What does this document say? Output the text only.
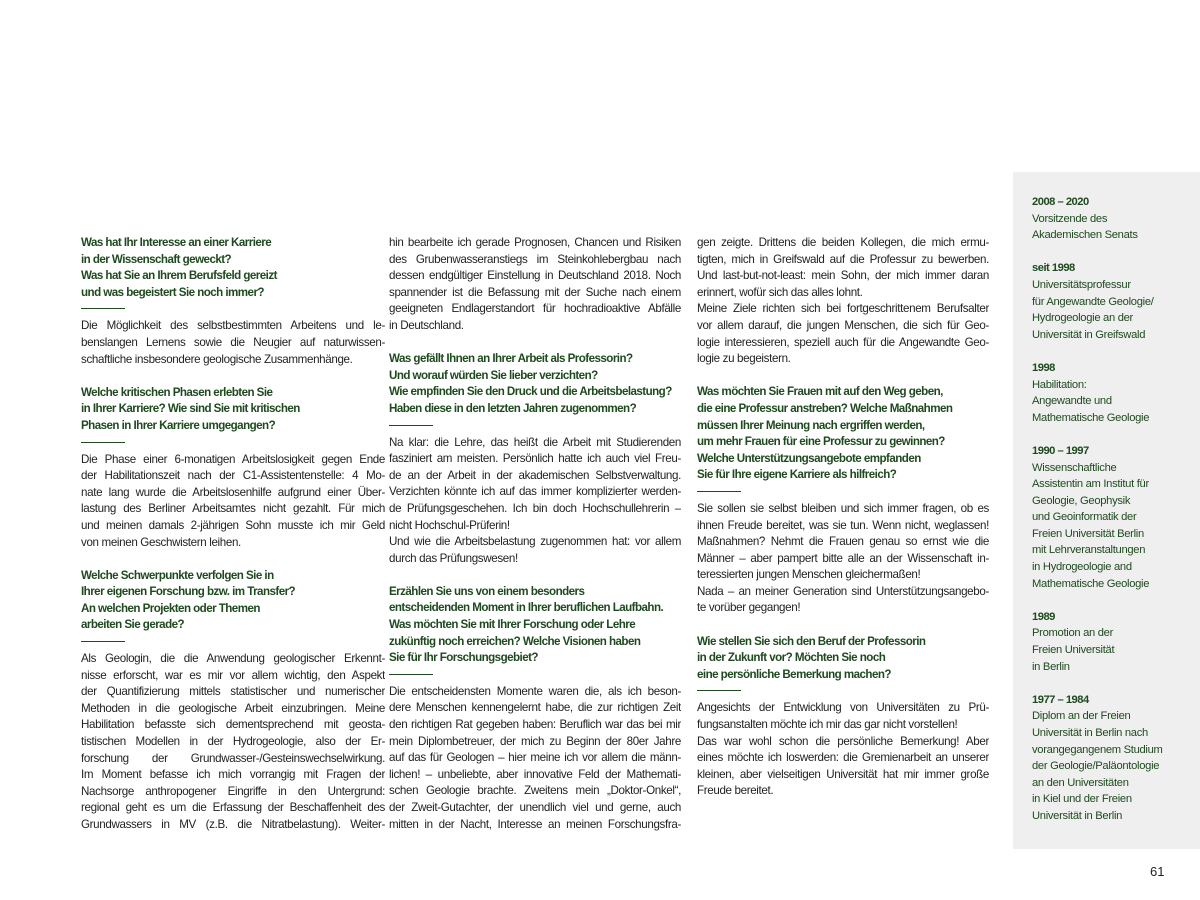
Was hat Ihr Interesse an einer Karriere
in der Wissenschaft geweckt?
Was hat Sie an Ihrem Berufsfeld gereizt
und was begeistert Sie noch immer?
Die Möglichkeit des selbstbestimmten Arbeitens und le-
benslangen Lernens sowie die Neugier auf naturwissen-
schaftliche insbesondere geologische Zusammenhänge.
Welche kritischen Phasen erlebten Sie
in Ihrer Karriere? Wie sind Sie mit kritischen
Phasen in Ihrer Karriere umgegangen?
Die Phase einer 6-monatigen Arbeitslosigkeit gegen Ende
der Habilitationszeit nach der C1-Assistentenstelle: 4 Mo-
nate lang wurde die Arbeitslosenhilfe aufgrund einer Über-
lastung des Berliner Arbeitsamtes nicht gezahlt. Für mich
und meinen damals 2-jährigen Sohn musste ich mir Geld
von meinen Geschwistern leihen.
Welche Schwerpunkte verfolgen Sie in
Ihrer eigenen Forschung bzw. im Transfer?
An welchen Projekten oder Themen
arbeiten Sie gerade?
Als Geologin, die die Anwendung geologischer Erkennt-
nisse erforscht, war es mir vor allem wichtig, den Aspekt
der Quantifizierung mittels statistischer und numerischer
Methoden in die geologische Arbeit einzubringen. Meine
Habilitation befasste sich dementsprechend mit geosta-
tistischen Modellen in der Hydrogeologie, also der Er-
forschung der Grundwasser-/Gesteinswechselwirkung.
Im Moment befasse ich mich vorrangig mit Fragen der
Nachsorge anthropogener Eingriffe in den Untergrund:
regional geht es um die Erfassung der Beschaffenheit des
Grundwassers in MV (z.B. die Nitratbelastung). Weiter-
hin bearbeite ich gerade Prognosen, Chancen und Risiken
des Grubenwasseranstiegs im Steinkohlebergbau nach
dessen endgültiger Einstellung in Deutschland 2018. Noch
spannender ist die Befassung mit der Suche nach einem
geeigneten Endlagerstandort für hochradioaktive Abfälle
in Deutschland.
Was gefällt Ihnen an Ihrer Arbeit als Professorin?
Und worauf würden Sie lieber verzichten?
Wie empfinden Sie den Druck und die Arbeitsbelastung?
Haben diese in den letzten Jahren zugenommen?
Na klar: die Lehre, das heißt die Arbeit mit Studierenden
fasziniert am meisten. Persönlich hatte ich auch viel Freu-
de an der Arbeit in der akademischen Selbstverwaltung.
Verzichten könnte ich auf das immer komplizierter werden-
de Prüfungsgeschehen. Ich bin doch Hochschullehrerin –
nicht Hochschul-Prüferin!
Und wie die Arbeitsbelastung zugenommen hat: vor allem
durch das Prüfungswesen!
Erzählen Sie uns von einem besonders
entscheidenden Moment in Ihrer beruflichen Laufbahn.
Was möchten Sie mit Ihrer Forschung oder Lehre
zukünftig noch erreichen? Welche Visionen haben
Sie für Ihr Forschungsgebiet?
Die entscheidensten Momente waren die, als ich beson-
dere Menschen kennengelernt habe, die zur richtigen Zeit
den richtigen Rat gegeben haben: Beruflich war das bei mir
mein Diplombetreuer, der mich zu Beginn der 80er Jahre
auf das für Geologen – hier meine ich vor allem die männ-
lichen! – unbeliebte, aber innovative Feld der Mathemati-
schen Geologie brachte. Zweitens mein „Doktor-Onkel“,
der Zweit-Gutachter, der unendlich viel und gerne, auch
mitten in der Nacht, Interesse an meinen Forschungsfra-
gen zeigte. Drittens die beiden Kollegen, die mich ermu-
tigten, mich in Greifswald auf die Professur zu bewerben.
Und last-but-not-least: mein Sohn, der mich immer daran
erinnert, wofür sich das alles lohnt.
Meine Ziele richten sich bei fortgeschrittenem Berufsalter
vor allem darauf, die jungen Menschen, die sich für Geo-
logie interessieren, speziell auch für die Angewandte Geo-
logie zu begeistern.
Was möchten Sie Frauen mit auf den Weg geben,
die eine Professur anstreben? Welche Maßnahmen
müssen Ihrer Meinung nach ergriffen werden,
um mehr Frauen für eine Professur zu gewinnen?
Welche Unterstützungsangebote empfanden
Sie für Ihre eigene Karriere als hilfreich?
Sie sollen sie selbst bleiben und sich immer fragen, ob es
ihnen Freude bereitet, was sie tun. Wenn nicht, weglassen!
Maßnahmen? Nehmt die Frauen genau so ernst wie die
Männer – aber pampert bitte alle an der Wissenschaft in-
teressierten jungen Menschen gleichermaßen!
Nada – an meiner Generation sind Unterstützungsangebo-
te vorüber gegangen!
Wie stellen Sie sich den Beruf der Professorin
in der Zukunft vor? Möchten Sie noch
eine persönliche Bemerkung machen?
Angesichts der Entwicklung von Universitäten zu Prü-
fungsanstalten möchte ich mir das gar nicht vorstellen!
Das war wohl schon die persönliche Bemerkung! Aber
eines möchte ich loswerden: die Gremienarbeit an unserer
kleinen, aber vielseitigen Universität hat mir immer große
Freude bereitet.
2008 – 2020
Vorsitzende des
Akademischen Senats
seit 1998
Universitätsprofessur
für Angewandte Geologie/
Hydrogeologie an der
Universität in Greifswald
1998
Habilitation:
Angewandte und
Mathematische Geologie
1990 – 1997
Wissenschaftliche
Assistentin am Institut für
Geologie, Geophysik
und Geoinformatik der
Freien Universität Berlin
mit Lehrveranstaltungen
in Hydrogeologie and
Mathematische Geologie
1989
Promotion an der
Freien Universität
in Berlin
1977 – 1984
Diplom an der Freien
Universität in Berlin nach
vorangegangenem Studium
der Geologie/Paläontologie
an den Universitäten
in Kiel und der Freien
Universität in Berlin
61
